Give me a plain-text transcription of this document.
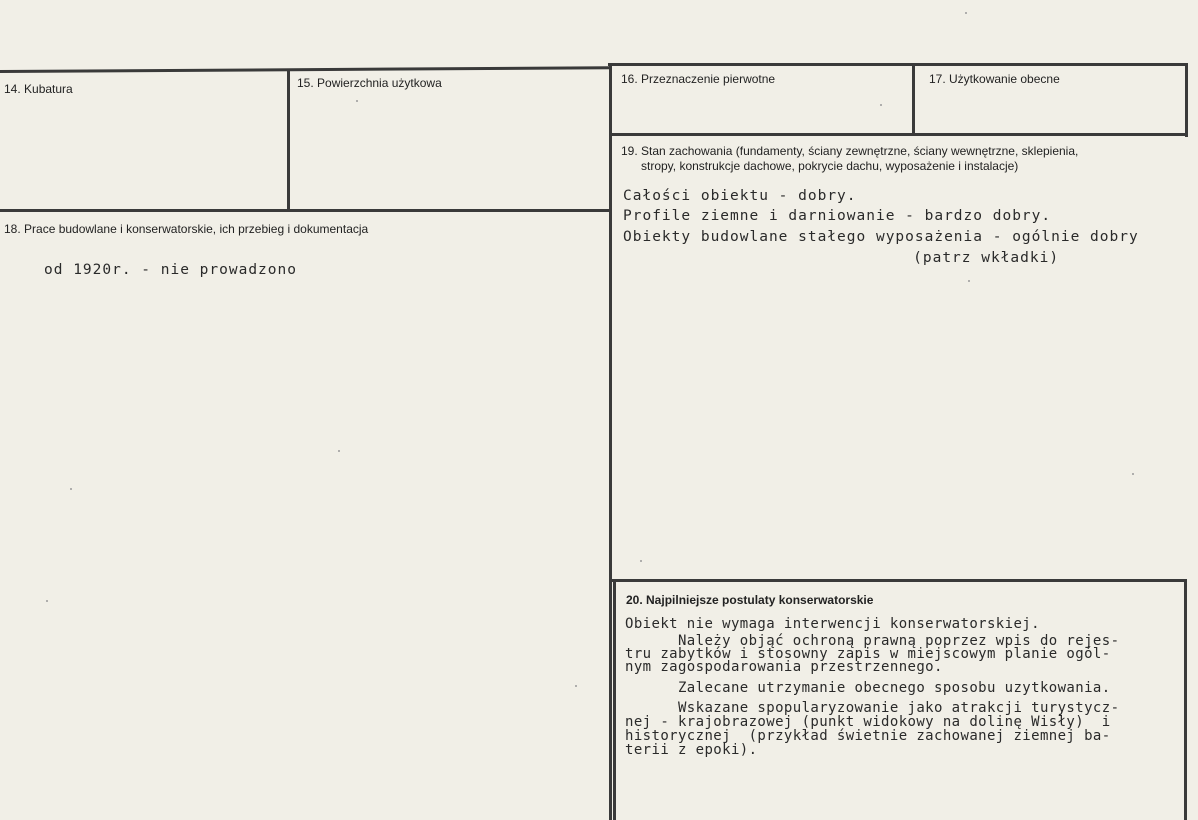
14. Kubatura	15. Powierzchnia użytkowa	16. Przeznaczenie pierwotne	17. Użytkowanie obecne
18. Prace budowlane i konserwatorskie, ich przebieg i dokumentacja
19. Stan zachowania (fundamenty, ściany zewnętrzne, ściany wewnętrzne, sklepienia,
stropy, konstrukcje dachowe, pokrycie dachu, wyposażenie i instalacje)
20. Najpilniejsze postulaty konserwatorskie
od 1920r. - nie prowadzono
Całości obiektu - dobry.
Profile ziemne i darniowanie - bardzo dobry.
Obiekty budowlane stałego wyposażenia - ogólnie dobry
(patrz wkładki)
Obiekt nie wymaga interwencji konserwatorskiej.
Należy objąć ochroną prawną poprzez wpis do rejes-
tru zabytków i stosowny zapis w miejscowym planie ogól-
nym zagospodarowania przestrzennego.
Zalecane utrzymanie obecnego sposobu uzytkowania.
Wskazane spopularyzowanie jako atrakcji turystycz-
nej - krajobrazowej (punkt widokowy na dolinę Wisły)  i
historycznej  (przykład świetnie zachowanej ziemnej ba-
terii z epoki).
